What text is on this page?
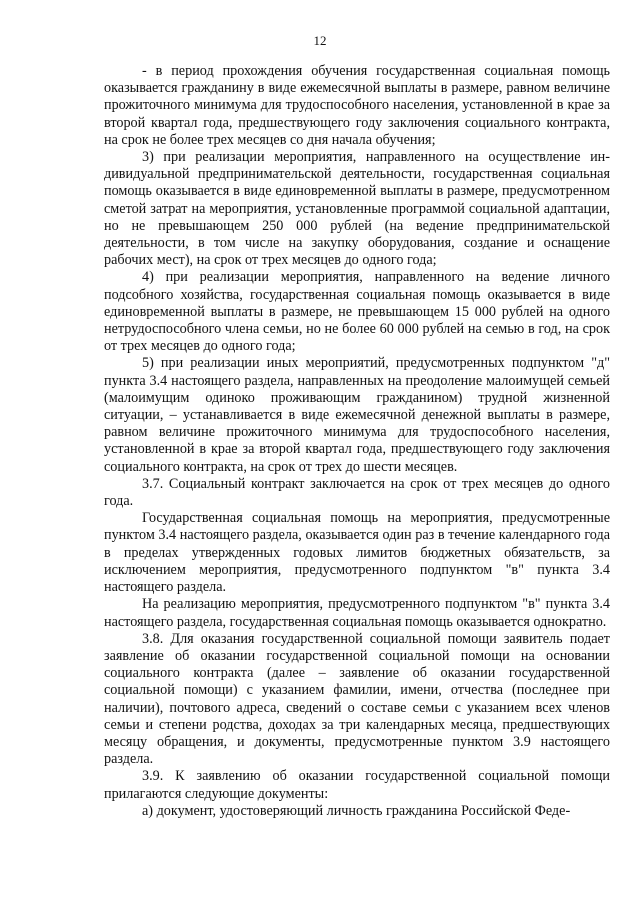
12

- в период прохождения обучения государственная социальная помощь оказывается гражданину в виде ежемесячной выплаты в размере, равном величине прожиточного минимума для трудоспособного населения, установленной в крае за второй квартал года, предшествующего году заключения социального контракта, на срок не более трех месяцев со дня начала обучения;

3) при реализации мероприятия, направленного на осуществление индивидуальной предпринимательской деятельности, государственная социальная помощь оказывается в виде единовременной выплаты в размере, предусмотренном сметой затрат на мероприятия, установленные программой социальной адаптации, но не превышающем 250 000 рублей (на ведение предпринимательской деятельности, в том числе на закупку оборудования, создание и оснащение рабочих мест), на срок от трех месяцев до одного года;

4) при реализации мероприятия, направленного на ведение личного подсобного хозяйства, государственная социальная помощь оказывается в виде единовременной выплаты в размере, не превышающем 15 000 рублей на одного нетрудоспособного члена семьи, но не более 60 000 рублей на семью в год, на срок от трех месяцев до одного года;

5) при реализации иных мероприятий, предусмотренных подпунктом "д" пункта 3.4 настоящего раздела, направленных на преодоление малоимущей семьей (малоимущим одиноко проживающим гражданином) трудной жизненной ситуации, – устанавливается в виде ежемесячной денежной выплаты в размере, равном величине прожиточного минимума для трудоспособного населения, установленной в крае за второй квартал года, предшествующего году заключения социального контракта, на срок от трех до шести месяцев.

3.7. Социальный контракт заключается на срок от трех месяцев до одного года.

Государственная социальная помощь на мероприятия, предусмотренные пунктом 3.4 настоящего раздела, оказывается один раз в течение календарного года в пределах утвержденных годовых лимитов бюджетных обязательств, за исключением мероприятия, предусмотренного подпунктом "в" пункта 3.4 настоящего раздела.

На реализацию мероприятия, предусмотренного подпунктом "в" пункта 3.4 настоящего раздела, государственная социальная помощь оказывается однократно.

3.8. Для оказания государственной социальной помощи заявитель подает заявление об оказании государственной социальной помощи на основании социального контракта (далее – заявление об оказании государственной социальной помощи) с указанием фамилии, имени, отчества (последнее при наличии), почтового адреса, сведений о составе семьи с указанием всех членов семьи и степени родства, доходах за три календарных месяца, предшествующих месяцу обращения, и документы, предусмотренные пунктом 3.9 настоящего раздела.

3.9. К заявлению об оказании государственной социальной помощи прилагаются следующие документы:

а) документ, удостоверяющий личность гражданина Российской Феде-
